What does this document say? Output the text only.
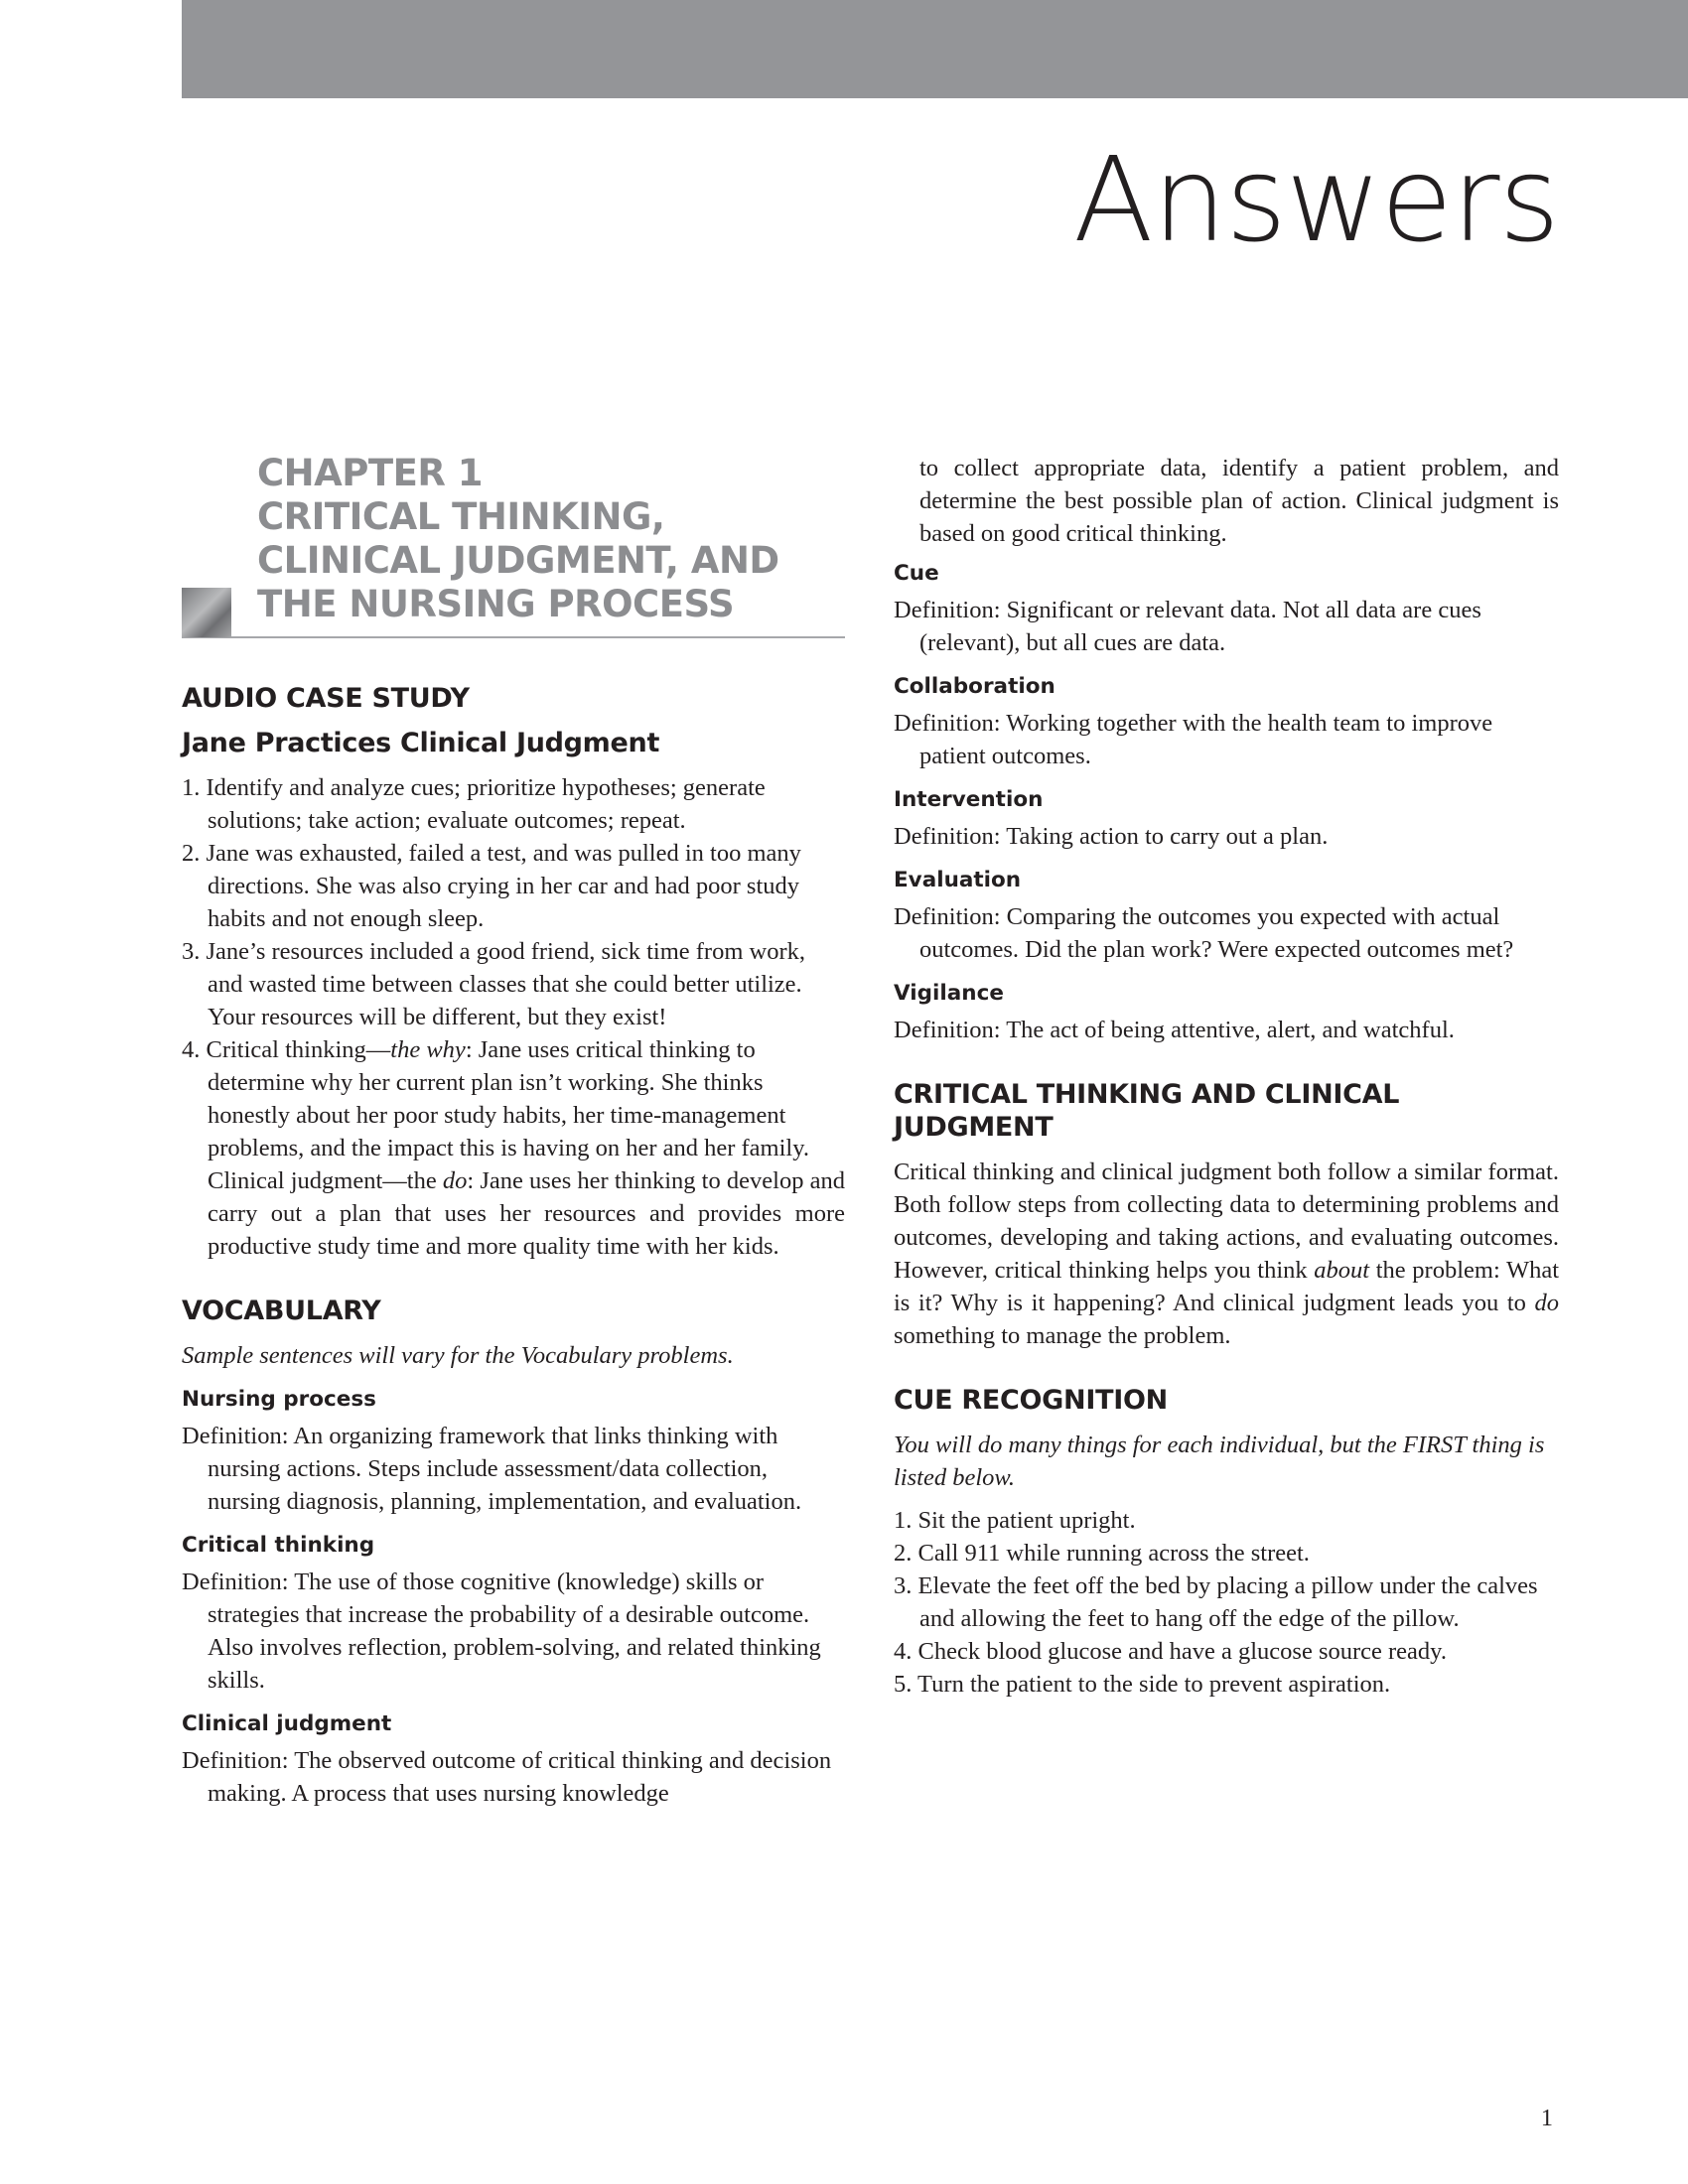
Answers
CHAPTER 1
CRITICAL THINKING,
CLINICAL JUDGMENT, AND
THE NURSING PROCESS
AUDIO CASE STUDY
Jane Practices Clinical Judgment
1. Identify and analyze cues; prioritize hypotheses; generate solutions; take action; evaluate outcomes; repeat.
2. Jane was exhausted, failed a test, and was pulled in too many directions. She was also crying in her car and had poor study habits and not enough sleep.
3. Jane’s resources included a good friend, sick time from work, and wasted time between classes that she could better utilize. Your resources will be different, but they exist!
4. Critical thinking—the why: Jane uses critical thinking to determine why her current plan isn’t working. She thinks honestly about her poor study habits, her time-management problems, and the impact this is having on her and her family.

Clinical judgment—the do: Jane uses her thinking to develop and carry out a plan that uses her resources and provides more productive study time and more quality time with her kids.

VOCABULARY

Sample sentences will vary for the Vocabulary problems.

Nursing process

Definition: An organizing framework that links thinking with nursing actions. Steps include assessment/data collection, nursing diagnosis, planning, implementation, and evaluation.

Critical thinking

Definition: The use of those cognitive (knowledge) skills or strategies that increase the probability of a desirable outcome. Also involves reflection, problem-solving, and related thinking skills.

Clinical judgment

Definition: The observed outcome of critical thinking and decision making. A process that uses nursing knowledge

to collect appropriate data, identify a patient problem, and determine the best possible plan of action. Clinical judgment is based on good critical thinking.

Cue

Definition: Significant or relevant data. Not all data are cues (relevant), but all cues are data.

Collaboration

Definition: Working together with the health team to improve patient outcomes.

Intervention

Definition: Taking action to carry out a plan.

Evaluation

Definition: Comparing the outcomes you expected with actual outcomes. Did the plan work? Were expected outcomes met?

Vigilance

Definition: The act of being attentive, alert, and watchful.

CRITICAL THINKING AND CLINICAL JUDGMENT

Critical thinking and clinical judgment both follow a similar format. Both follow steps from collecting data to determining problems and outcomes, developing and taking actions, and evaluating outcomes. However, critical thinking helps you think about the problem: What is it? Why is it happening? And clinical judgment leads you to do something to manage the problem.

CUE RECOGNITION

You will do many things for each individual, but the FIRST thing is listed below.

1. Sit the patient upright.
2. Call 911 while running across the street.
3. Elevate the feet off the bed by placing a pillow under the calves and allowing the feet to hang off the edge of the pillow.
4. Check blood glucose and have a glucose source ready.
5. Turn the patient to the side to prevent aspiration.
1
